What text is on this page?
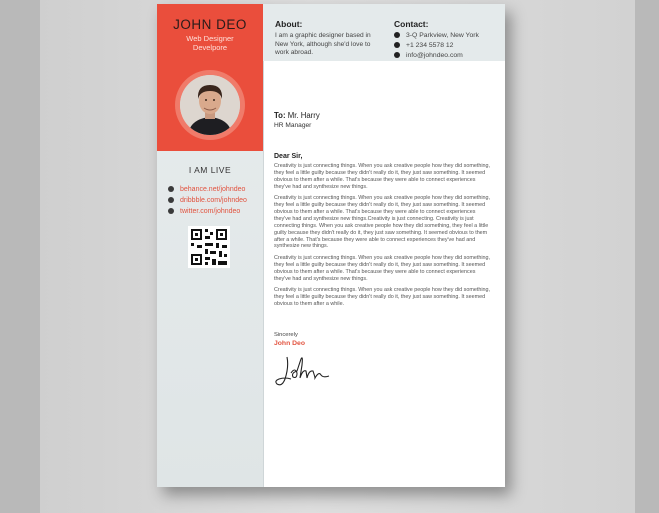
JOHN DEO
Web Designer
Develpore
I AM LIVE
behance.net/johndeo
dribbble.com/johndeo
twitter.com/johndeo
About:
I am a graphic designer based in New York, although she'd love to work abroad.
Contact:
3-Q Parkview, New York
+1 234 5578 12
info@johndeo.com
To: Mr. Harry
HR Manager
Dear Sir,

Creativity is just connecting things. When you ask creative people how they did something, they feel a little guilty because they didn't really do it, they just saw something. It seemed obvious to them after a while. That's because they were able to connect experiences they've had and synthesize new things.

Creativity is just connecting things. When you ask creative people how they did something, they feel a little guilty because they didn't really do it, they just saw something. It seemed obvious to them after a while. That's because they were able to connect experiences they've had and synthesize new things.Creativity is just connecting. Creativity is just connecting things. When you ask creative people how they did something, they feel a little guilty because they didn't really do it, they just saw something. It seemed obvious to them after a while. That's because they were able to connect experiences they've had and synthesize new things.

Creativity is just connecting things. When you ask creative people how they did something, they feel a little guilty because they didn't really do it, they just saw something. It seemed obvious to them after a while. That's because they were able to connect experiences they've had and synthesize new things.

Creativity is just connecting things. When you ask creative people how they did something, they feel a little guilty because they didn't really do it, they just saw something. It seemed obvious to them after a while.

Sincerely
John Deo
